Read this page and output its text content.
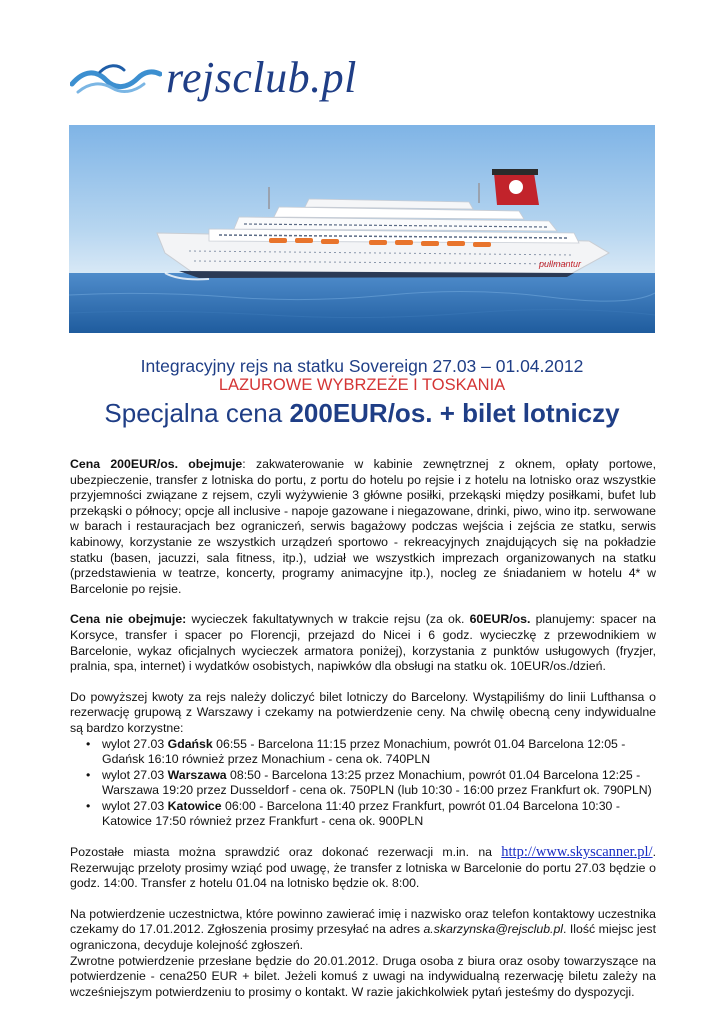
rejsclub.pl
pullmantur
Integracyjny rejs na statku Sovereign 27.03 – 01.04.2012
LAZUROWE WYBRZEŻE I TOSKANIA
Specjalna cena 200EUR/os. + bilet lotniczy

Cena 200EUR/os. obejmuje: zakwaterowanie w kabinie zewnętrznej z oknem, opłaty portowe, ubezpieczenie, transfer z lotniska do portu, z portu do hotelu po rejsie i z hotelu na lotnisko oraz wszystkie przyjemności związane z rejsem, czyli wyżywienie 3 główne posiłki, przekąski między posiłkami, bufet lub przekąski o północy; opcje all inclusive - napoje gazowane i niegazowane, drinki, piwo, wino itp. serwowane w barach i restauracjach bez ograniczeń, serwis bagażowy podczas wejścia i zejścia ze statku, serwis kabinowy, korzystanie ze wszystkich urządzeń sportowo - rekreacyjnych znajdujących się na pokładzie statku (basen, jacuzzi, sala fitness, itp.), udział we wszystkich imprezach organizowanych na statku (przedstawienia w teatrze, koncerty, programy animacyjne itp.), nocleg ze śniadaniem w hotelu 4* w Barcelonie po rejsie.

Cena nie obejmuje: wycieczek fakultatywnych w trakcie rejsu (za ok. 60EUR/os. planujemy: spacer na Korsyce, transfer i spacer po Florencji, przejazd do Nicei i 6 godz. wycieczkę z przewodnikiem w Barcelonie, wykaz oficjalnych wycieczek armatora poniżej), korzystania z punktów usługowych (fryzjer, pralnia, spa, internet) i wydatków osobistych, napiwków dla obsługi na statku ok. 10EUR/os./dzień.

Do powyższej kwoty za rejs należy doliczyć bilet lotniczy do Barcelony. Wystąpiliśmy do linii Lufthansa o rezerwację grupową z Warszawy i czekamy na potwierdzenie ceny. Na chwilę obecną ceny indywidualne są bardzo korzystne:

• wylot 27.03 Gdańsk 06:55 - Barcelona 11:15 przez Monachium, powrót 01.04 Barcelona 12:05 - Gdańsk 16:10 również przez Monachium - cena ok. 740PLN
• wylot 27.03 Warszawa 08:50 - Barcelona 13:25 przez Monachium, powrót 01.04 Barcelona 12:25 - Warszawa 19:20 przez Dusseldorf - cena ok. 750PLN (lub 10:30 - 16:00 przez Frankfurt ok. 790PLN)
• wylot 27.03 Katowice 06:00 - Barcelona 11:40 przez Frankfurt, powrót 01.04 Barcelona 10:30 - Katowice 17:50 również przez Frankfurt - cena ok. 900PLN

Pozostałe miasta można sprawdzić oraz dokonać rezerwacji m.in. na http://www.skyscanner.pl/. Rezerwując przeloty prosimy wziąć pod uwagę, że transfer z lotniska w Barcelonie do portu 27.03 będzie o godz. 14:00. Transfer z hotelu 01.04 na lotnisko będzie ok. 8:00.

Na potwierdzenie uczestnictwa, które powinno zawierać imię i nazwisko oraz telefon kontaktowy uczestnika czekamy do 17.01.2012. Zgłoszenia prosimy przesyłać na adres a.skarzynska@rejsclub.pl. Ilość miejsc jest ograniczona, decyduje kolejność zgłoszeń.

Zwrotne potwierdzenie przesłane będzie do 20.01.2012. Druga osoba z biura oraz osoby towarzyszące na potwierdzenie - cena250 EUR + bilet. Jeżeli komuś z uwagi na indywidualną rezerwację biletu zależy na wcześniejszym potwierdzeniu to prosimy o kontakt. W razie jakichkolwiek pytań jesteśmy do dyspozycji.
